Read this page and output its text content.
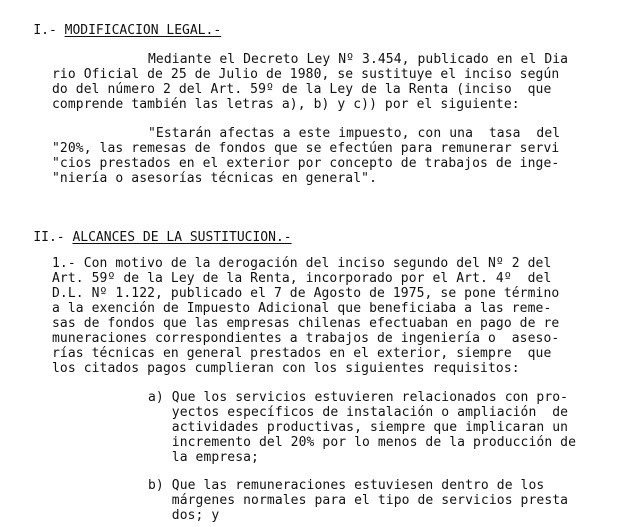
I.- MODIFICACION LEGAL.-

Mediante el Decreto Ley Nº 3.454, publicado en el Dia
rio Oficial de 25 de Julio de 1980, se sustituye el inciso según
do del número 2 del Art. 59º de la Ley de la Renta (inciso  que
comprende también las letras a), b) y c)) por el siguiente:
"Estarán afectas a este impuesto, con una  tasa  del
"20%, las remesas de fondos que se efectúen para remunerar servi
"cios prestados en el exterior por concepto de trabajos de inge-
"niería o asesorías técnicas en general".

II.- ALCANCES DE LA SUSTITUCION.-

1.- Con motivo de la derogación del inciso segundo del Nº 2 del
Art. 59º de la Ley de la Renta, incorporado por el Art. 4º  del
D.L. Nº 1.122, publicado el 7 de Agosto de 1975, se pone término
a la exención de Impuesto Adicional que beneficiaba a las reme-
sas de fondos que las empresas chilenas efectuaban en pago de re
muneraciones correspondientes a trabajos de ingeniería o  aseso-
rías técnicas en general prestados en el exterior, siempre  que
los citados pagos cumplieran con los siguientes requisitos:
a) Que los servicios estuvieren relacionados con pro-
yectos específicos de instalación o ampliación  de
actividades productivas, siempre que implicaran un
incremento del 20% por lo menos de la producción de
la empresa;
b) Que las remuneraciones estuviesen dentro de los
márgenes normales para el tipo de servicios presta
dos; y
